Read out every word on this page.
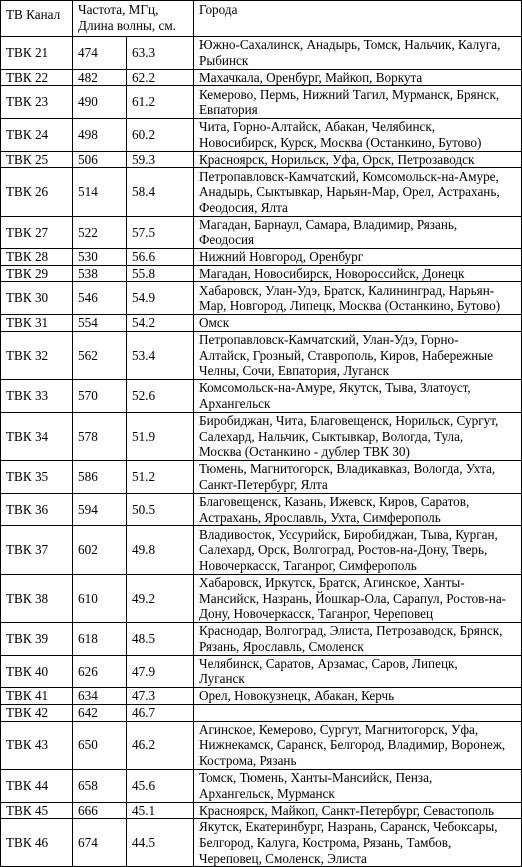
ТВ Канал	Частота, МГц,
Длина волны, см.		Города
ТВК 21	474	63.3	Южно-Сахалинск, Анадырь, Томск, Нальчик, Калуга,
Рыбинск

ТВК 22	482	62.2	Махачкала, Оренбург, Майкоп, Воркута

ТВК 23	490	61.2	Кемерово, Пермь, Нижний Тагил, Мурманск, Брянск,
Евпатория

ТВК 24	498	60.2	Чита, Горно-Алтайск, Абакан, Челябинск,
Новосибирск, Курск, Москва (Останкино, Бутово)

ТВК 25	506	59.3	Красноярск, Норильск, Уфа, Орск, Петрозаводск

ТВК 26	514	58.4	Петропавловск-Камчатский, Комсомольск-на-Амуре,
Анадырь, Сыктывкар, Нарьян-Мар, Орел, Астрахань,
Феодосия, Ялта

ТВК 27	522	57.5	Магадан, Барнаул, Самара, Владимир, Рязань,
Феодосия

ТВК 28	530	56.6	Нижний Новгород, Оренбург

ТВК 29	538	55.8	Магадан, Новосибирск, Новороссийск, Донецк

ТВК 30	546	54.9	Хабаровск, Улан-Удэ, Братск, Калининград, Нарьян-
Мар, Новгород, Липецк, Москва (Останкино, Бутово)

ТВК 31	554	54.2	Омск

ТВК 32	562	53.4	Петропавловск-Камчатский, Улан-Удэ, Горно-
Алтайск, Грозный, Ставрополь, Киров, Набережные
Челны, Сочи, Евпатория, Луганск

ТВК 33	570	52.6	Комсомольск-на-Амуре, Якутск, Тыва, Златоуст,
Архангельск

ТВК 34	578	51.9	Биробиджан, Чита, Благовещенск, Норильск, Сургут,
Салехард, Нальчик, Сыктывкар, Вологда, Тула,
Москва (Останкино - дублер ТВК 30)

ТВК 35	586	51.2	Тюмень, Магнитогорск, Владикавказ, Вологда, Ухта,
Санкт-Петербург, Ялта

ТВК 36	594	50.5	Благовещенск, Казань, Ижевск, Киров, Саратов,
Астрахань, Ярославль, Ухта, Симферополь

ТВК 37	602	49.8	Владивосток, Уссурийск, Биробиджан, Тыва, Курган,
Салехард, Орск, Волгоград, Ростов-на-Дону, Тверь,
Новочеркасск, Таганрог, Симферополь

ТВК 38	610	49.2	Хабаровск, Иркутск, Братск, Агинское, Ханты-
Мансийск, Назрань, Йошкар-Ола, Сарапул, Ростов-на-
Дону, Новочеркасск, Таганрог, Череповец

ТВК 39	618	48.5	Краснодар, Волгоград, Элиста, Петрозаводск, Брянск,
Рязань, Ярославль, Смоленск

ТВК 40	626	47.9	Челябинск, Саратов, Арзамас, Саров, Липецк,
Луганск

ТВК 41	634	47.3	Орел, Новокузнецк, Абакан, Керчь

ТВК 42	642	46.7	

ТВК 43	650	46.2	Агинское, Кемерово, Сургут, Магнитогорск, Уфа,
Нижнекамск, Саранск, Белгород, Владимир, Воронеж,
Кострома, Рязань

ТВК 44	658	45.6	Томск, Тюмень, Ханты-Мансийск, Пенза,
Архангельск, Мурманск

ТВК 45	666	45.1	Красноярск, Майкоп, Санкт-Петербург, Севастополь

ТВК 46	674	44.5	Якутск, Екатеринбург, Назрань, Саранск, Чебоксары,
Белгород, Калуга, Кострома, Рязань, Тамбов,
Череповец, Смоленск, Элиста
